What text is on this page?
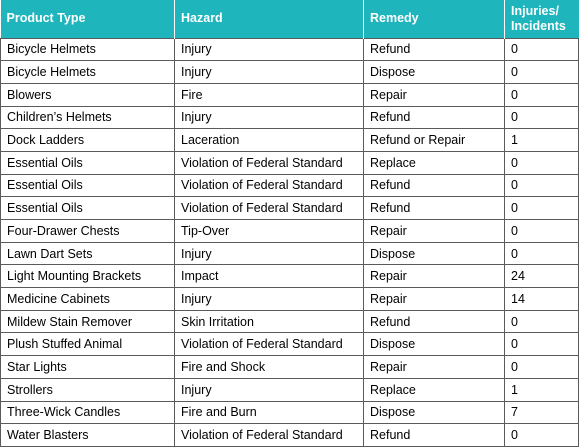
Product Type	Hazard	Remedy	Injuries/
Incidents
Bicycle Helmets	Injury	Refund	0
Bicycle Helmets	Injury	Dispose	0
Blowers	Fire	Repair	0
Children’s Helmets	Injury	Refund	0
Dock Ladders	Laceration	Refund or Repair	1
Essential Oils	Violation of Federal Standard	Replace	0
Essential Oils	Violation of Federal Standard	Refund	0
Essential Oils	Violation of Federal Standard	Refund	0
Four-Drawer Chests	Tip-Over	Repair	0
Lawn Dart Sets	Injury	Dispose	0
Light Mounting Brackets	Impact	Repair	24
Medicine Cabinets	Injury	Repair	14
Mildew Stain Remover	Skin Irritation	Refund	0
Plush Stuffed Animal	Violation of Federal Standard	Dispose	0
Star Lights	Fire and Shock	Repair	0
Strollers	Injury	Replace	1
Three-Wick Candles	Fire and Burn	Dispose	7
Water Blasters	Violation of Federal Standard	Refund	0
